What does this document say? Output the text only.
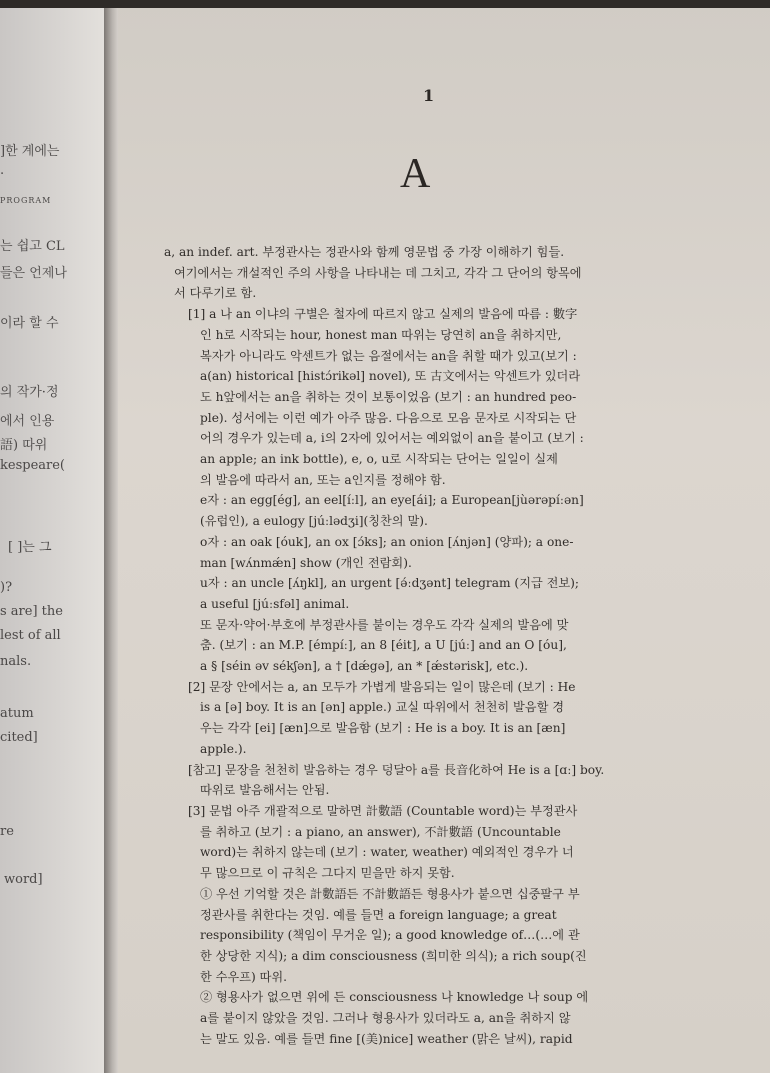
1
A
a, an indef. art. 부정관사는 정관사와 함께 영문법 중 가장 이해하기 힘들.
여기에서는 개설적인 주의 사항을 나타내는 데 그치고, 각각 그 단어의 항목에
서 다루기로 함.
[1] a 나 an 이냐의 구별은 철자에 따르지 않고 실제의 발음에 따름 : 數字
인 h로 시작되는 hour, honest man 따위는 당연히 an을 취하지만,
복자가 아니라도 악센트가 없는 음절에서는 an을 취할 때가 있고(보기 :
a(an) historical [histɔ́rikəl] novel), 또 古文에서는 악센트가 있더라
도 h앞에서는 an을 취하는 것이 보통이었음 (보기 : an hundred peo-
ple). 성서에는 이런 예가 아주 많음. 다음으로 모음 문자로 시작되는 단
어의 경우가 있는데 a, i의 2자에 있어서는 예외없이 an을 붙이고 (보기 :
an apple; an ink bottle), e, o, u로 시작되는 단어는 일일이 실제
의 발음에 따라서 an, 또는 a인지를 정해야 함.
e자 : an egg[ég], an eel[íːl], an eye[ái]; a European[jùərəpíːən]
(유럽인), a eulogy [júːlədʒi](칭찬의 말).
o자 : an oak [óuk], an ox [ɔ́ks]; an onion [ʌ́njən] (양파); a one-
man [wʌ́nmǽn] show (개인 전람회).
u자 : an uncle [ʌ́ŋkl], an urgent [ə́ːdʒənt] telegram (지급 전보);
a useful [júːsfəl] animal.
또 문자·약어·부호에 부정관사를 붙이는 경우도 각각 실제의 발음에 맞
춤. (보기 : an M.P. [émpíː], an 8 [éit], a U [júː] and an O [óu],
a § [séin əv sékʃən], a † [dǽgə], an * [ǽstərisk], etc.).
[2] 문장 안에서는 a, an 모두가 가볍게 발음되는 일이 많은데 (보기 : He
is a [ə] boy. It is an [ən] apple.) 교실 따위에서 천천히 발음할 경
우는 각각 [ei] [æn]으로 발음함 (보기 : He is a boy. It is an [æn]
apple.).
[참고] 문장을 천천히 발음하는 경우 덩달아 a를 長音化하여 He is a [ɑː] boy.
따위로 발음해서는 안됨.
[3] 문법 아주 개괄적으로 말하면 計數語 (Countable word)는 부정관사
를 취하고 (보기 : a piano, an answer), 不計數語 (Uncountable
word)는 취하지 않는데 (보기 : water, weather) 예외적인 경우가 너
무 많으므로 이 규칙은 그다지 믿을만 하지 못함.
① 우선 기억할 것은 計數語든 不計數語든 형용사가 붙으면 십중팔구 부
정관사를 취한다는 것임. 예를 들면 a foreign language; a great
responsibility (책임이 무거운 일); a good knowledge of…(…에 관
한 상당한 지식); a dim consciousness (희미한 의식); a rich soup(진
한 수우프) 따위.
② 형용사가 없으면 위에 든 consciousness 나 knowledge 나 soup 에
a를 붙이지 않았을 것임. 그러나 형용사가 있더라도 a, an을 취하지 않
는 말도 있음. 예를 들면 fine [(美)nice] weather (맑은 날씨), rapid
]한 계에는
.
PROGRAM
는 쉽고 CL
들은 언제나
이라 할 수
의 작가·정
에서 인용
語) 따위
kespeare(
[ ]는 그
)?
s are] the
lest of all
nals.
atum
cited]
re
word]
